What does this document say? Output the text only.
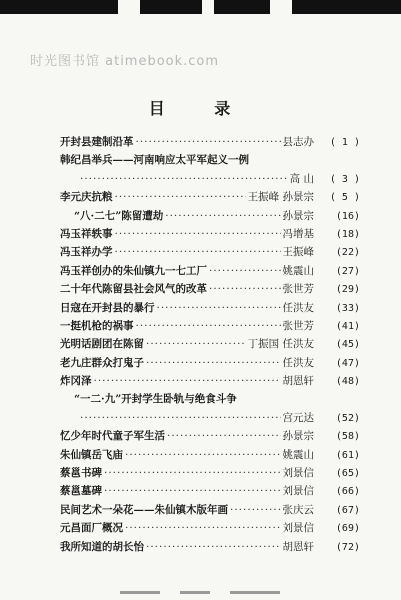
时光图书馆 atimebook.com
目 录
开封县建制沿革 ·····	县志办	( 1 )
韩纪昌举兵——河南响应太平军起义一例
·····
高 山	( 3 )
李元庆抗粮 ·····	王振峰 孙景宗	( 5 )
“八·二七”陈留遭劫 ·····	孙景宗	(16)
冯玉祥轶事 ·····	冯增基	(18)
冯玉祥办学 ·····	王振峰	(22)
冯玉祥创办的朱仙镇九一七工厂 ·····	姚震山	(27)
二十年代陈留县社会风气的改革 ·····	张世芳	(29)
日寇在开封县的暴行 ·····	任洪友	(33)
一挺机枪的祸事 ·····	张世芳	(41)
光明话剧团在陈留 ·····	丁振国 任洪友	(45)
老九庄群众打鬼子 ·····	任洪友	(47)
炸冈泽 ·····	胡恩轩	(48)
“一二·九”开封学生卧轨与绝食斗争
·····
宫元达	(52)
忆少年时代童子军生活 ·····	孙景宗	(58)
朱仙镇岳飞庙 ·····	姚震山	(61)
蔡邕书碑 ·····	刘景信	(65)
蔡邕墓碑 ·····	刘景信	(66)
民间艺术一朵花——朱仙镇木版年画 ·····	张庆云	(67)
元昌面厂概况 ·····	刘景信	(69)
我所知道的胡长怡 ·····	胡恩轩	(72)
